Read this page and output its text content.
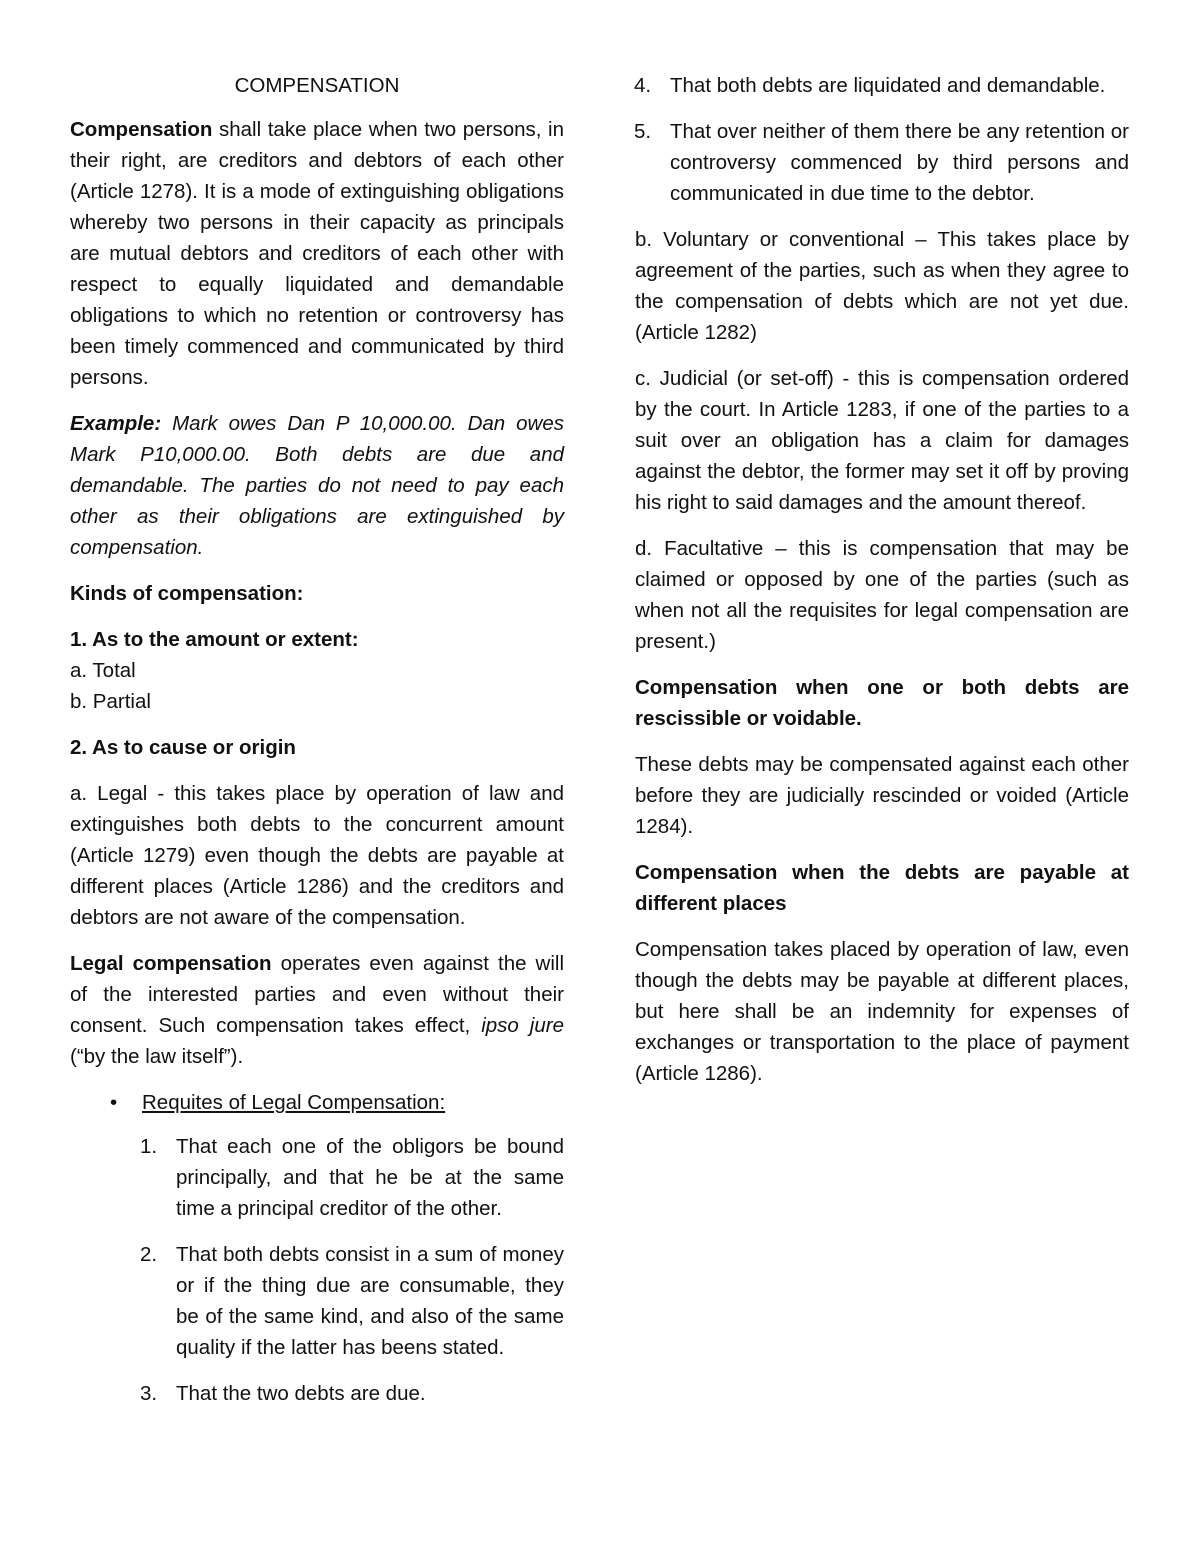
COMPENSATION

Compensation shall take place when two persons, in their right, are creditors and debtors of each other (Article 1278). It is a mode of extinguishing obligations whereby two persons in their capacity as principals are mutual debtors and creditors of each other with respect to equally liquidated and demandable obligations to which no retention or controversy has been timely commenced and communicated by third persons.

Example: Mark owes Dan P 10,000.00. Dan owes Mark P10,000.00. Both debts are due and demandable. The parties do not need to pay each other as their obligations are extinguished by compensation.

Kinds of compensation:

1. As to the amount or extent:

a. Total

b. Partial

2. As to cause or origin

a. Legal - this takes place by operation of law and extinguishes both debts to the concurrent amount (Article 1279) even though the debts are payable at different places (Article 1286) and the creditors and debtors are not aware of the compensation.

Legal compensation operates even against the will of the interested parties and even without their consent. Such compensation takes effect, ipso jure (“by the law itself”).

• Requites of Legal Compensation:
1. That each one of the obligors be bound principally, and that he be at the same time a principal creditor of the other.
2. That both debts consist in a sum of money or if the thing due are consumable, they be of the same kind, and also of the same quality if the latter has beens stated.
3. That the two debts are due.
4. That both debts are liquidated and demandable.
5. That over neither of them there be any retention or controversy commenced by third persons and communicated in due time to the debtor.

b. Voluntary or conventional – This takes place by agreement of the parties, such as when they agree to the compensation of debts which are not yet due. (Article 1282)

c. Judicial (or set-off) - this is compensation ordered by the court. In Article 1283, if one of the parties to a suit over an obligation has a claim for damages against the debtor, the former may set it off by proving his right to said damages and the amount thereof.

d. Facultative – this is compensation that may be claimed or opposed by one of the parties (such as when not all the requisites for legal compensation are present.)

Compensation when one or both debts are rescissible or voidable.

These debts may be compensated against each other before they are judicially rescinded or voided (Article 1284).

Compensation when the debts are payable at different places

Compensation takes placed by operation of law, even though the debts may be payable at different places, but here shall be an indemnity for expenses of exchanges or transportation to the place of payment (Article 1286).
